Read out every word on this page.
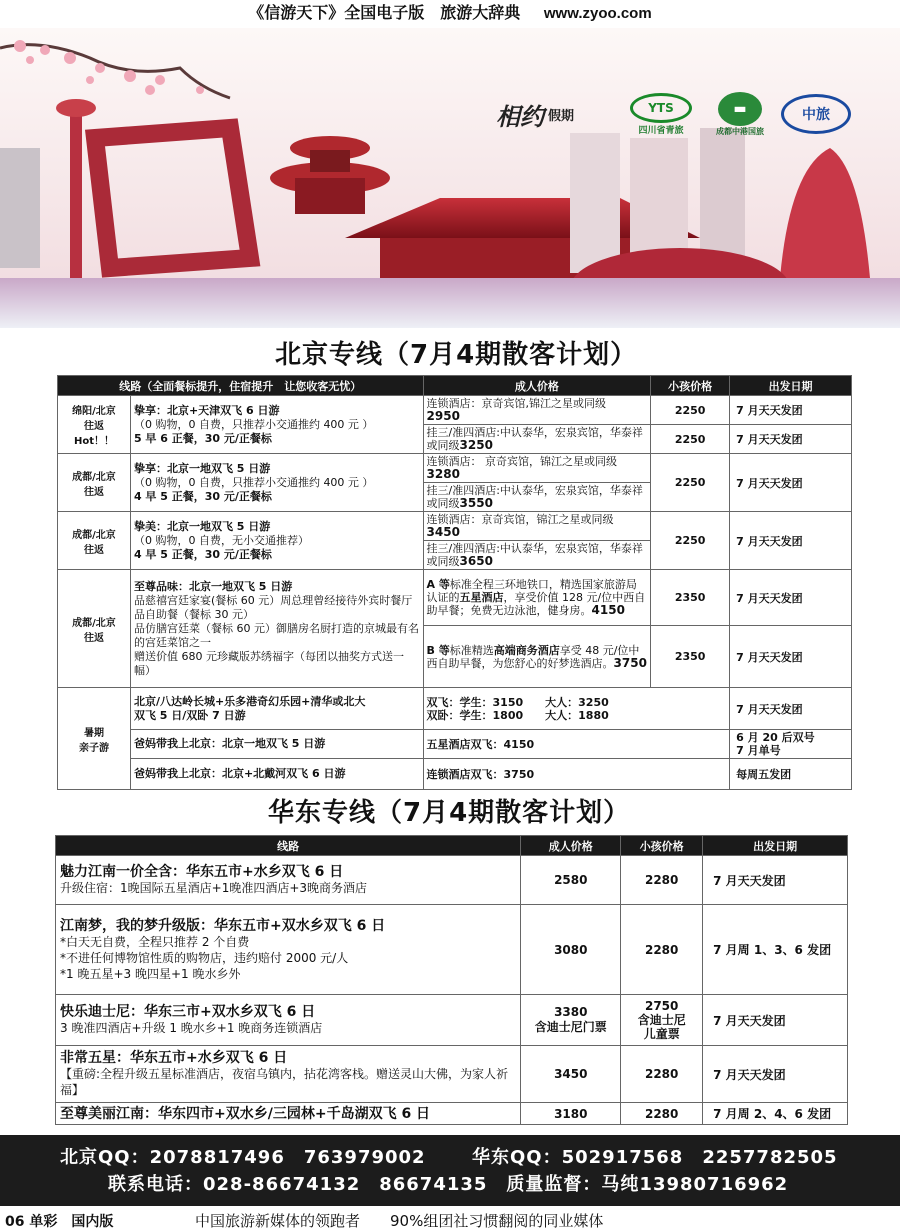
《信游天下》全国电子版　旅游大辞典 www.zyoo.com
相约 假期
YTS
四川省青旅
▬
成都中港国旅
中旅
北京专线（7月4期散客计划）
线路（全面餐标提升，住宿提升　让您收客无忧）		成人价格	小孩价格	出发日期
绵阳/北京
往返
Hot！！	挚享：北京+天津双飞 6 日游
（0 购物，0 自费，只推荐小交通推约 400 元 ）
5 早 6 正餐，30 元/正餐标	连锁酒店：京奇宾馆,锦江之星或同级
2950	2250	7 月天天发团
		挂三/准四酒店:中认泰华，宏泉宾馆，华泰祥或同级3250	2250	7 月天天发团
成都/北京
往返	挚享：北京一地双飞 5 日游
（0 购物，0 自费，只推荐小交通推约 400 元 ）
4 早 5 正餐，30 元/正餐标	连锁酒店： 京奇宾馆，锦江之星或同级
3280	2250	7 月天天发团
		挂三/准四酒店:中认泰华，宏泉宾馆，华泰祥或同级3550		
成都/北京
往返	挚美：北京一地双飞 5 日游
（0 购物，0 自费，无小交通推荐）
4 早 5 正餐，30 元/正餐标	连锁酒店：京奇宾馆，锦江之星或同级
3450	2250	7 月天天发团
		挂三/准四酒店:中认泰华，宏泉宾馆，华泰祥或同级3650		
成都/北京
往返	至尊品味：北京一地双飞 5 日游
品慈禧宫廷家宴(餐标 60 元）周总理曾经接待外宾时餐厅
品自助餐（餐标 30 元）
品仿膳宫廷菜（餐标 60 元）御膳房名厨打造的京城最有名的宫廷菜馆之一
赠送价值 680 元珍藏版苏绣福字（每团以抽奖方式送一幅）	A 等标准全程三环地铁口，精选国家旅游局认证的五星酒店，享受价值 128 元/位中西自助早餐；免费无边泳池，健身房。4150	2350	7 月天天发团
		B 等标准精选高端商务酒店享受 48 元/位中西自助早餐，为您舒心的好梦选酒店。3750	2350	7 月天天发团
暑期
亲子游	北京/八达岭长城+乐多港奇幻乐园+清华或北大
双飞 5 日/双卧 7 日游	双飞：学生：3150　　大人：3250
双卧：学生：1800　　大人：1880		7 月天天发团
	爸妈带我上北京：北京一地双飞 5 日游	五星酒店双飞：4150		6 月 20 后双号
7 月单号
	爸妈带我上北京：北京+北戴河双飞 6 日游	连锁酒店双飞：3750		每周五发团
华东专线（7月4期散客计划）
线路	成人价格	小孩价格	出发日期
魅力江南一价全含：华东五市+水乡双飞 6 日
升级住宿：1晚国际五星酒店+1晚准四酒店+3晚商务酒店	2580	2280	7 月天天发团
江南梦，我的梦升级版：华东五市+双水乡双飞 6 日
*白天无自费，全程只推荐 2 个自费
*不进任何博物馆性质的购物店，违约赔付 2000 元/人
*1 晚五星+3 晚四星+1 晚水乡外	3080	2280	7 月周 1、3、6 发团
快乐迪士尼：华东三市+双水乡双飞 6 日
3 晚准四酒店+升级 1 晚水乡+1 晚商务连锁酒店	3380
含迪士尼门票	2750
含迪士尼
儿童票	7 月天天发团
非常五星：华东五市+水乡双飞 6 日
【重磅:全程升级五星标准酒店，夜宿乌镇内，拈花湾客栈。赠送灵山大佛，为家人祈福】	3450	2280	7 月天天发团
至尊美丽江南：华东四市+双水乡/三园林+千岛湖双飞 6 日	3180	2280	7 月周 2、4、6 发团
北京QQ：2078817496　763979002	华东QQ：502917568　2257782505
联系电话：028-86674132　86674135　质量监督：马纯13980716962
06 单彩　国内版	中国旅游新媒体的领跑者　　90%组团社习惯翻阅的同业媒体
